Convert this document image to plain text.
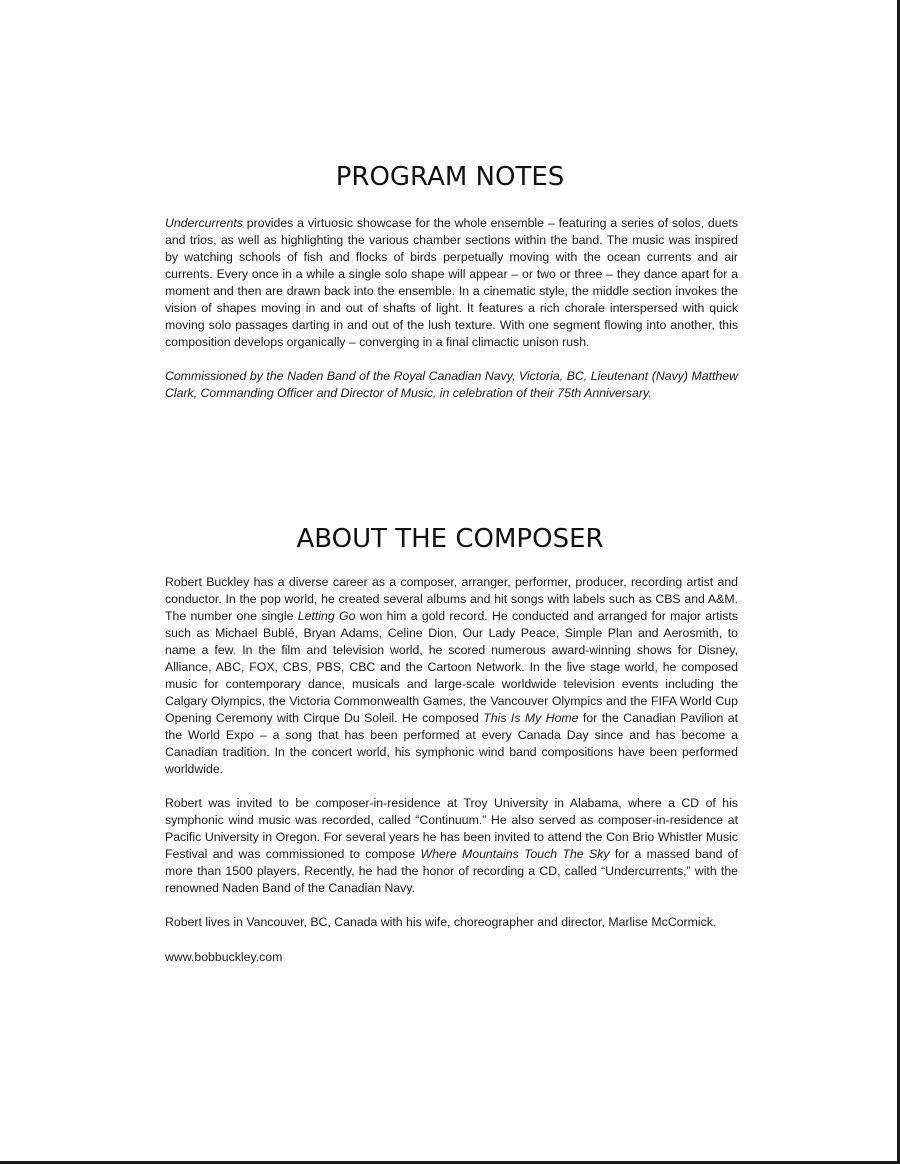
PROGRAM NOTES

Undercurrents provides a virtuosic showcase for the whole ensemble – featuring a series of solos, duets and trios, as well as highlighting the various chamber sections within the band. The music was inspired by watching schools of fish and flocks of birds perpetually moving with the ocean currents and air currents. Every once in a while a single solo shape will appear – or two or three – they dance apart for a moment and then are drawn back into the ensemble. In a cinematic style, the middle section invokes the vision of shapes moving in and out of shafts of light. It features a rich chorale interspersed with quick moving solo passages darting in and out of the lush texture. With one segment flowing into another, this composition develops organically – converging in a final climactic unison rush.

Commissioned by the Naden Band of the Royal Canadian Navy, Victoria, BC, Lieutenant (Navy) Matthew Clark, Commanding Officer and Director of Music, in celebration of their 75th Anniversary.

ABOUT THE COMPOSER

Robert Buckley has a diverse career as a composer, arranger, performer, producer, recording artist and conductor. In the pop world, he created several albums and hit songs with labels such as CBS and A&M. The number one single Letting Go won him a gold record. He conducted and arranged for major artists such as Michael Bublé, Bryan Adams, Celine Dion, Our Lady Peace, Simple Plan and Aerosmith, to name a few. In the film and television world, he scored numerous award-winning shows for Disney, Alliance, ABC, FOX, CBS, PBS, CBC and the Cartoon Network. In the live stage world, he composed music for contemporary dance, musicals and large-scale worldwide television events including the Calgary Olympics, the Victoria Commonwealth Games, the Vancouver Olympics and the FIFA World Cup Opening Ceremony with Cirque Du Soleil. He composed This Is My Home for the Canadian Pavilion at the World Expo – a song that has been performed at every Canada Day since and has become a Canadian tradition. In the concert world, his symphonic wind band compositions have been performed worldwide.

Robert was invited to be composer-in-residence at Troy University in Alabama, where a CD of his symphonic wind music was recorded, called “Continuum.” He also served as composer-in-residence at Pacific University in Oregon. For several years he has been invited to attend the Con Brio Whistler Music Festival and was commissioned to compose Where Mountains Touch The Sky for a massed band of more than 1500 players. Recently, he had the honor of recording a CD, called “Undercurrents,” with the renowned Naden Band of the Canadian Navy.

Robert lives in Vancouver, BC, Canada with his wife, choreographer and director, Marlise McCormick.

www.bobbuckley.com
